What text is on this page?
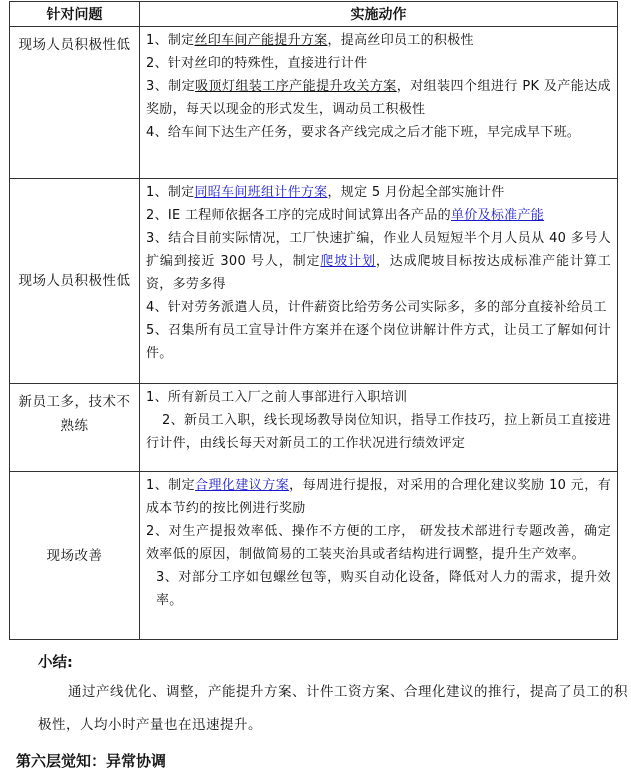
针对问题	实施动作
现场人员积极性低	1、制定丝印车间产能提升方案，提高丝印员工的积极性

2、针对丝印的特殊性，直接进行计件

3、制定吸顶灯组装工序产能提升攻关方案，对组装四个组进行 PK 及产能达成奖励，每天以现金的形式发生，调动员工积极性

4、给车间下达生产任务，要求各产线完成之后才能下班，早完成早下班。

现场人员积极性低	1、制定同昭车间班组计件方案，规定 5 月份起全部实施计件

2、IE 工程师依据各工序的完成时间试算出各产品的单价及标准产能

3、结合目前实际情况，工厂快速扩编，作业人员短短半个月人员从 40 多号人扩编到接近 300 号人，制定爬坡计划，达成爬坡目标按达成标准产能计算工资，多劳多得

4、针对劳务派遣人员，计件薪资比给劳务公司实际多，多的部分直接补给员工

5、召集所有员工宣导计件方案并在逐个岗位讲解计件方式，让员工了解如何计件。

新员工多，技术不熟练	1、所有新员工入厂之前人事部进行入职培训

2、新员工入职，线长现场教导岗位知识，指导工作技巧，拉上新员工直接进行计件，由线长每天对新员工的工作状况进行绩效评定

现场改善	1、制定合理化建议方案，每周进行提报，对采用的合理化建议奖励 10 元，有成本节约的按比例进行奖励

2、对生产提报效率低、操作不方便的工序， 研发技术部进行专题改善，确定效率低的原因，制做简易的工装夹治具或者结构进行调整，提升生产效率。

3、对部分工序如包螺丝包等，购买自动化设备，降低对人力的需求，提升效率。

小结:

通过产线优化、调整，产能提升方案、计件工资方案、合理化建议的推行，提高了员工的积极性，人均小时产量也在迅速提升。

第六层觉知：异常协调
